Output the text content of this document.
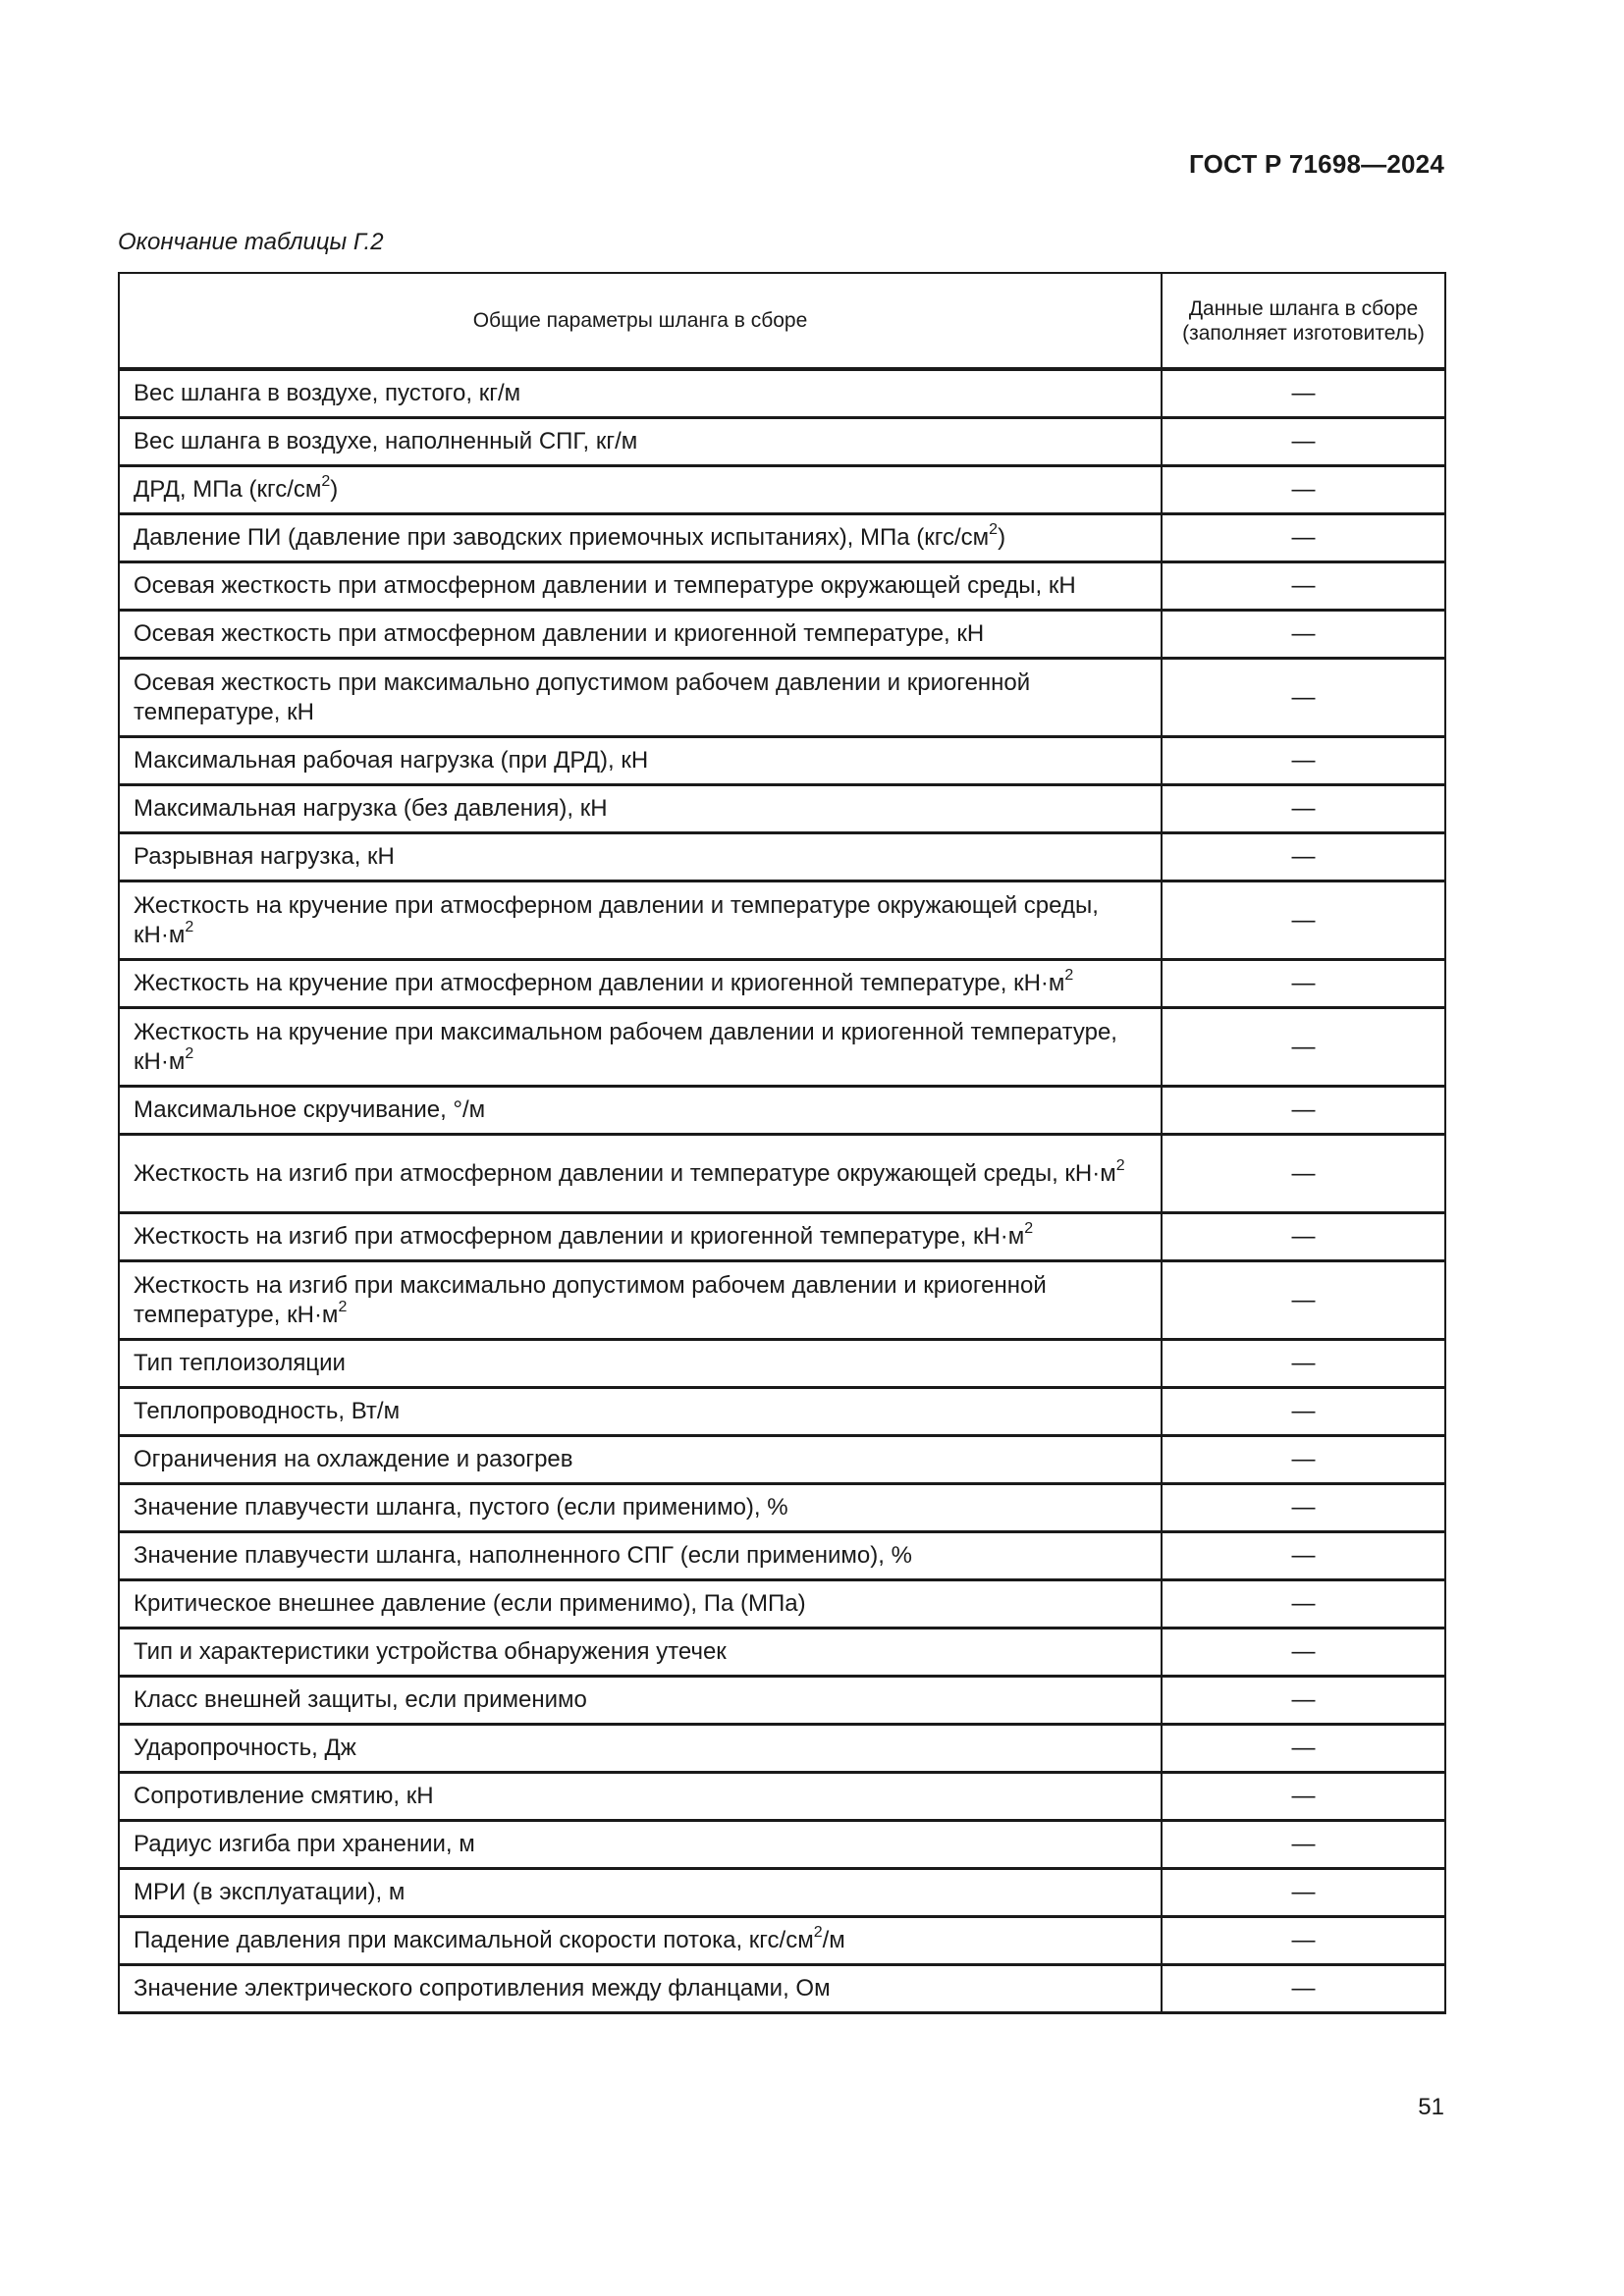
ГОСТ Р 71698—2024
Окончание таблицы Г.2
Общие параметры шланга в сборе	Данные шланга в сборе (заполняет изготовитель)
Вес шланга в воздухе, пустого, кг/м	—
Вес шланга в воздухе, наполненный СПГ, кг/м	—
ДРД, МПа $(кгс/см^2)$	—
Давление ПИ (давление при заводских приемочных испытаниях), МПа $(кгс/см^2)$	—
Осевая жесткость при атмосферном давлении и температуре окружающей среды, кН	—
Осевая жесткость при атмосферном давлении и криогенной температуре, кН	—
Осевая жесткость при максимально допустимом рабочем давлении и криогенной температуре, кН	—
Максимальная рабочая нагрузка (при ДРД), кН	—
Максимальная нагрузка (без давления), кН	—
Разрывная нагрузка, кН	—
Жесткость на кручение при атмосферном давлении и температуре окружающей среды, $кН\cdot м^2$	—
Жесткость на кручение при атмосферном давлении и криогенной температуре, $кН\cdot м^2$	—
Жесткость на кручение при максимальном рабочем давлении и криогенной температуре, $кН\cdot м^2$	—
Максимальное скручивание, °/м	—
Жесткость на изгиб при атмосферном давлении и температуре окружающей среды, $кН\cdot м^2$	—
Жесткость на изгиб при атмосферном давлении и криогенной температуре, $кН\cdot м^2$	—
Жесткость на изгиб при максимально допустимом рабочем давлении и криогенной температуре, $кН\cdot м^2$	—
Тип теплоизоляции	—
Теплопроводность, Вт/м	—
Ограничения на охлаждение и разогрев	—
Значение плавучести шланга, пустого (если применимо), %	—
Значение плавучести шланга, наполненного СПГ (если применимо), %	—
Критическое внешнее давление (если применимо), Па (МПа)	—
Тип и характеристики устройства обнаружения утечек	—
Класс внешней защиты, если применимо	—
Ударопрочность, Дж	—
Сопротивление смятию, кН	—
Радиус изгиба при хранении, м	—
МРИ (в эксплуатации), м	—
Падение давления при максимальной скорости потока, кгс/$см^2/м$	—
Значение электрического сопротивления между фланцами, Ом	—
51
